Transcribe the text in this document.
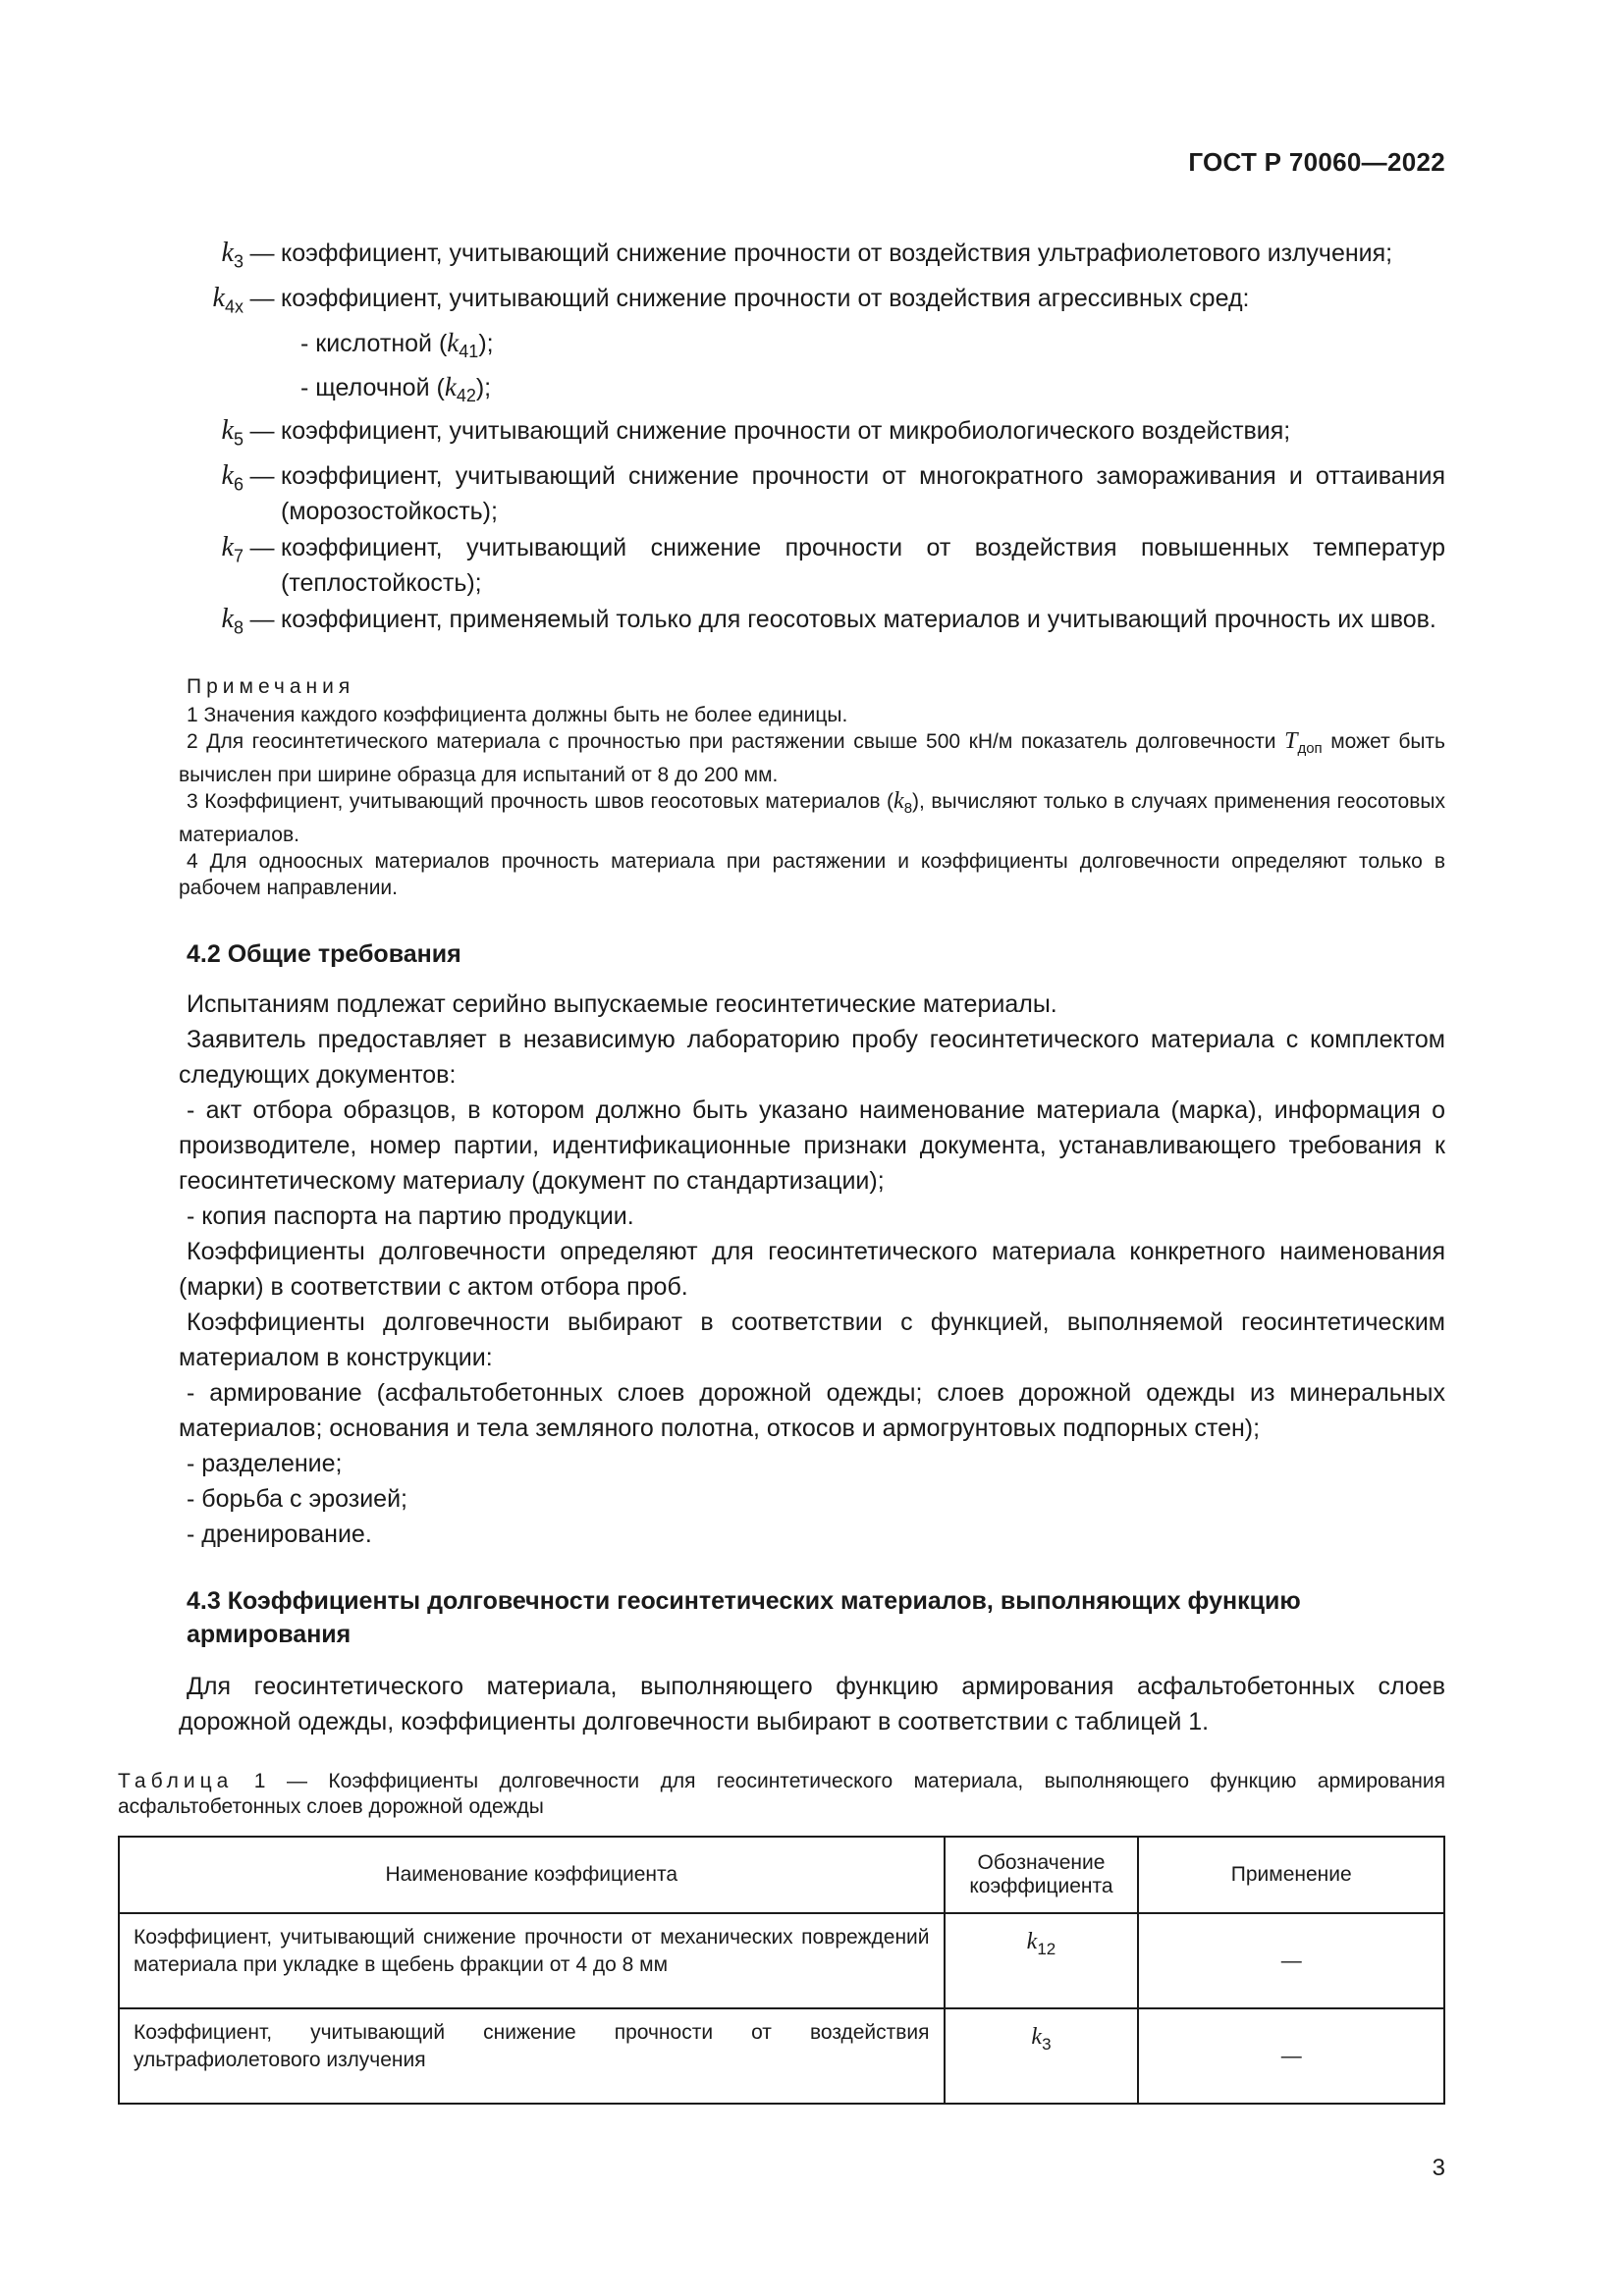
ГОСТ Р 70060—2022
$k_3$ — коэффициент, учитывающий снижение прочности от воздействия ультрафиолетового излучения;
$k_{4x}$ — коэффициент, учитывающий снижение прочности от воздействия агрессивных сред:
- кислотной $(k_{41})$;
- щелочной $(k_{42})$;
$k_5$ — коэффициент, учитывающий снижение прочности от микробиологического воздействия;
$k_6$ — коэффициент, учитывающий снижение прочности от многократного замораживания и оттаивания (морозостойкость);
$k_7$ — коэффициент, учитывающий снижение прочности от воздействия повышенных температур (теплостойкость);
$k_8$ — коэффициент, применяемый только для геосотовых материалов и учитывающий прочность их швов.
Примечания
1 Значения каждого коэффициента должны быть не более единицы.
2 Для геосинтетического материала с прочностью при растяжении свыше 500 кН/м показатель долговечности $T_{доп}$ может быть вычислен при ширине образца для испытаний от 8 до 200 мм.
3 Коэффициент, учитывающий прочность швов геосотовых материалов $(k_8)$, вычисляют только в случаях применения геосотовых материалов.
4 Для одноосных материалов прочность материала при растяжении и коэффициенты долговечности определяют только в рабочем направлении.
4.2 Общие требования
Испытаниям подлежат серийно выпускаемые геосинтетические материалы.
Заявитель предоставляет в независимую лабораторию пробу геосинтетического материала с комплектом следующих документов:
- акт отбора образцов, в котором должно быть указано наименование материала (марка), информация о производителе, номер партии, идентификационные признаки документа, устанавливающего требования к геосинтетическому материалу (документ по стандартизации);
- копия паспорта на партию продукции.
Коэффициенты долговечности определяют для геосинтетического материала конкретного наименования (марки) в соответствии с актом отбора проб.
Коэффициенты долговечности выбирают в соответствии с функцией, выполняемой геосинтетическим материалом в конструкции:
- армирование (асфальтобетонных слоев дорожной одежды; слоев дорожной одежды из минеральных материалов; основания и тела земляного полотна, откосов и армогрунтовых подпорных стен);
- разделение;
- борьба с эрозией;
- дренирование.
4.3 Коэффициенты долговечности геосинтетических материалов, выполняющих функцию армирования
Для геосинтетического материала, выполняющего функцию армирования асфальтобетонных слоев дорожной одежды, коэффициенты долговечности выбирают в соответствии с таблицей 1.
Таблица 1 — Коэффициенты долговечности для геосинтетического материала, выполняющего функцию армирования асфальтобетонных слоев дорожной одежды
Наименование коэффициента	Обозначение коэффициента	Применение
Коэффициент, учитывающий снижение прочности от механических повреждений материала при укладке в щебень фракции от 4 до 8 мм	$k_{12}$	—
Коэффициент, учитывающий снижение прочности от воздействия ультрафиолетового излучения	$k_3$	—
3
